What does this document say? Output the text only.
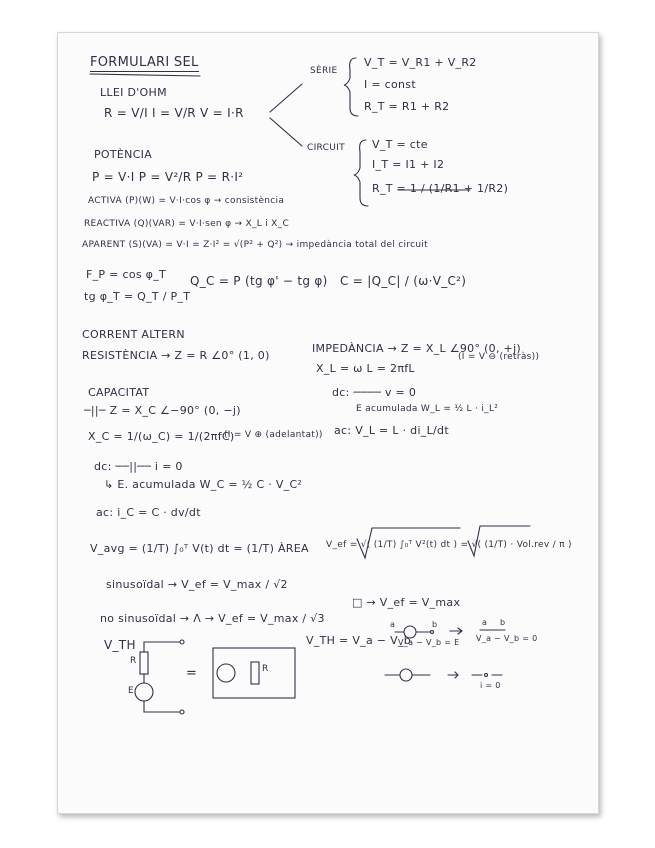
FORMULARI SEL
LLEI D'OHM
R = V/I I = V/R V = I·R
SÈRIE
V_T = V_R1 + V_R2
I = const
R_T = R1 + R2
CIRCUIT V_T = cte
I_T = I1 + I2
R_T = 1 / (1/R1 + 1/R2)
POTÈNCIA
P = V·I P = V²/R P = R·I²
ACTIVA (P)(W) = V·I·cos φ → consistència
REACTIVA (Q)(VAR) = V·I·sen φ → X_L i X_C
APARENT (S)(VA) = V·I = Z·I² = √(P² + Q²) → impedància total del circuit
F_P = cos φ_T
tg φ_T = Q_T / P_T
Q_C = P (tg φ' − tg φ) C = |Q_C| / (ω·V_C²)
CORRENT ALTERN
RESISTÈNCIA → Z = R ∠0° (1, 0)
IMPEDÀNCIA → Z = X_L ∠90° (0, +j)
X_L = ω L = 2πfL
(I = V ⊖ (retràs))
dc: ──── v = 0
E acumulada W_L = ½ L · i_L²
ac: V_L = L · di_L/dt
CAPACITAT
─||─ Z = X_C ∠−90° (0, −j)
X_C = 1/(ω_C) = 1/(2πfC)
(I = V ⊕ (adelantat))
dc: ──||── i = 0
↳ E. acumulada W_C = ½ C · V_C²
ac: i_C = C · dv/dt
V_avg = (1/T) ∫₀ᵀ V(t) dt = (1/T) ÀREA V_ef = √( (1/T) ∫₀ᵀ V²(t) dt ) = √( (1/T) · Vol.rev / π )
sinusoïdal → V_ef = V_max / √2
no sinusoïdal → Λ → V_ef = V_max / √3
□ → V_ef = V_max
V_TH
R
E
=	R
V_TH = V_a − V_b
V_a − V_b = E V_a − V_b = 0
a	b	a b
i = 0
